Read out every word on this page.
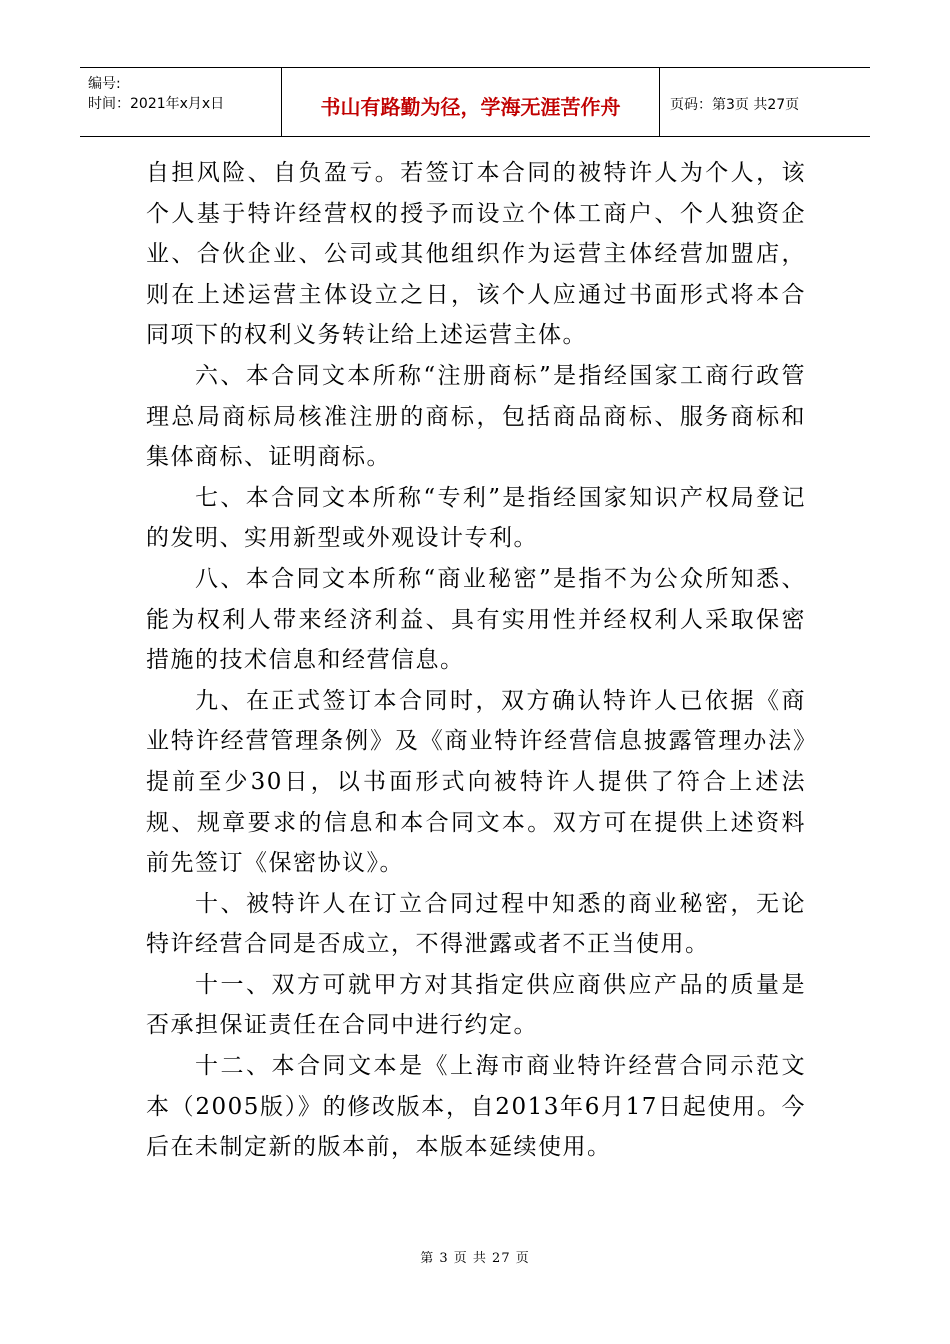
编号:
时间：2021年x月x日	书山有路勤为径，学海无涯苦作舟	页码：第3页 共27页

自担风险、自负盈亏。若签订本合同的被特许人为个人，该个人基于特许经营权的授予而设立个体工商户、个人独资企业、合伙企业、公司或其他组织作为运营主体经营加盟店，则在上述运营主体设立之日，该个人应通过书面形式将本合同项下的权利义务转让给上述运营主体。

六、本合同文本所称“注册商标”是指经国家工商行政管理总局商标局核准注册的商标，包括商品商标、服务商标和集体商标、证明商标。

七、本合同文本所称“专利”是指经国家知识产权局登记的发明、实用新型或外观设计专利。

八、本合同文本所称“商业秘密”是指不为公众所知悉、能为权利人带来经济利益、具有实用性并经权利人采取保密措施的技术信息和经营信息。

九、在正式签订本合同时，双方确认特许人已依据《商业特许经营管理条例》及《商业特许经营信息披露管理办法》提前至少30日，以书面形式向被特许人提供了符合上述法规、规章要求的信息和本合同文本。双方可在提供上述资料前先签订《保密协议》。

十、被特许人在订立合同过程中知悉的商业秘密，无论特许经营合同是否成立，不得泄露或者不正当使用。

十一、双方可就甲方对其指定供应商供应产品的质量是否承担保证责任在合同中进行约定。

十二、本合同文本是《上海市商业特许经营合同示范文本（2005版）》的修改版本，自2013年6月17日起使用。今后在未制定新的版本前，本版本延续使用。

第 3 页 共 27 页
